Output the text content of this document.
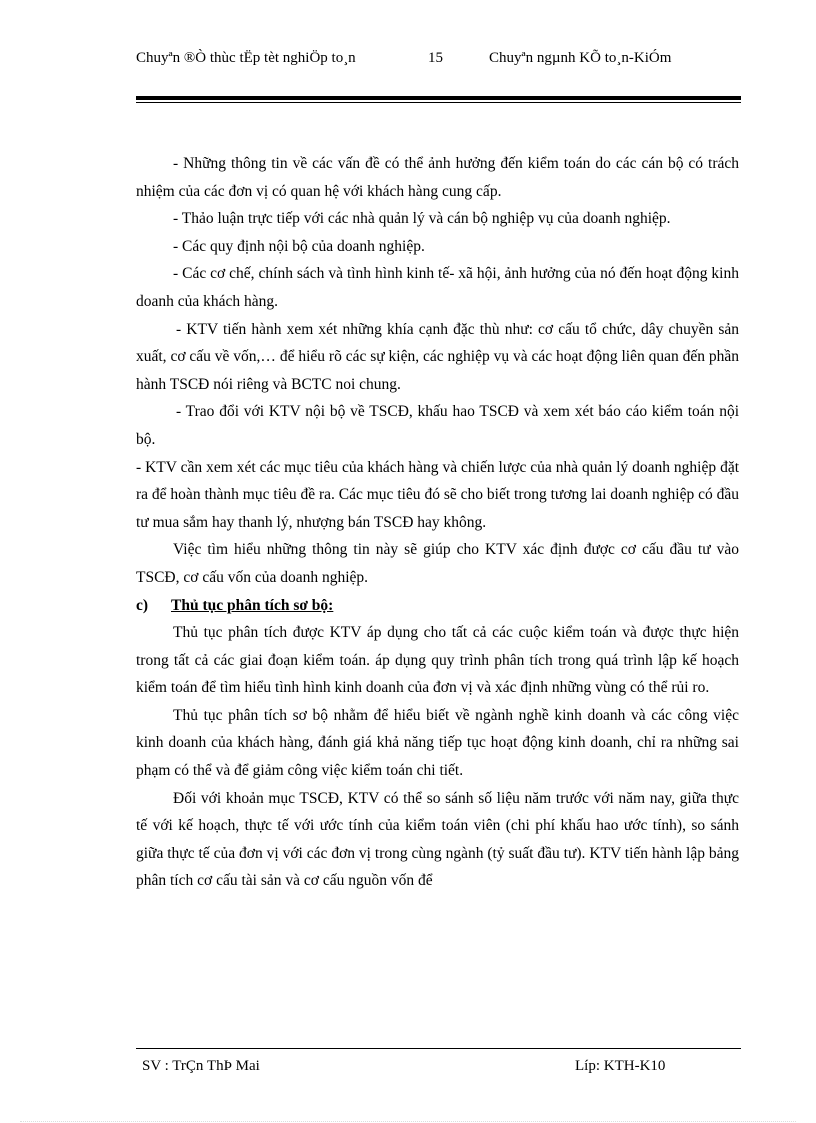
Chuyªn ®Ò thùc tËp tèt nghiÖp to¸n	15	Chuyªn ngµnh KÕ to¸n-KiÓm

- Những thông tin về các vấn đề có thể ảnh hưởng đến kiểm toán do các cán bộ có trách nhiệm của các đơn vị có quan hệ với khách hàng cung cấp.

- Thảo luận trực tiếp với các nhà quản lý và cán bộ nghiệp vụ của doanh nghiệp.

- Các quy định nội bộ của doanh nghiệp.

- Các cơ chế, chính sách và tình hình kinh tế- xã hội, ảnh hưởng của nó đến hoạt động kinh doanh của khách hàng.

- KTV tiến hành xem xét những khía cạnh đặc thù như: cơ cấu tổ chức, dây chuyền sản xuất, cơ cấu về vốn,… để hiểu rõ các sự kiện, các nghiệp vụ và các hoạt động liên quan đến phần hành TSCĐ nói riêng và BCTC noi chung.

- Trao đổi với KTV nội bộ về TSCĐ, khấu hao TSCĐ và xem xét báo cáo kiểm toán nội bộ.

- KTV cần xem xét các mục tiêu của khách hàng và chiến lược của nhà quản lý doanh nghiệp đặt ra để hoàn thành mục tiêu đề ra. Các mục tiêu đó sẽ cho biết trong tương lai doanh nghiệp có đầu tư mua sắm hay thanh lý, nhượng bán TSCĐ hay không.

Việc tìm hiểu những thông tin này sẽ giúp cho KTV xác định được cơ cấu đầu tư vào TSCĐ, cơ cấu vốn của doanh nghiệp.

c)	Thủ tục phân tích sơ bộ:

Thủ tục phân tích được KTV áp dụng cho tất cả các cuộc kiểm toán và được thực hiện trong tất cả các giai đoạn kiểm toán. áp dụng quy trình phân tích trong quá trình lập kế hoạch kiểm toán để tìm hiểu tình hình kinh doanh của đơn vị và xác định những vùng có thể rủi ro.

Thủ tục phân tích sơ bộ nhằm để hiểu biết về ngành nghề kinh doanh và các công việc kinh doanh của khách hàng, đánh giá khả năng tiếp tục hoạt động kinh doanh, chỉ ra những sai phạm có thể và để giảm công việc kiểm toán chi tiết.

Đối với khoản mục TSCĐ, KTV có thể so sánh số liệu năm trước với năm nay, giữa thực tế với kế hoạch, thực tế với ước tính của kiểm toán viên (chi phí khấu hao ước tính), so sánh giữa thực tế của đơn vị với các đơn vị trong cùng ngành (tỷ suất đầu tư). KTV tiến hành lập bảng phân tích cơ cấu tài sản và cơ cấu nguồn vốn để

SV : TrÇn ThÞ Mai	Líp: KTH-K10
